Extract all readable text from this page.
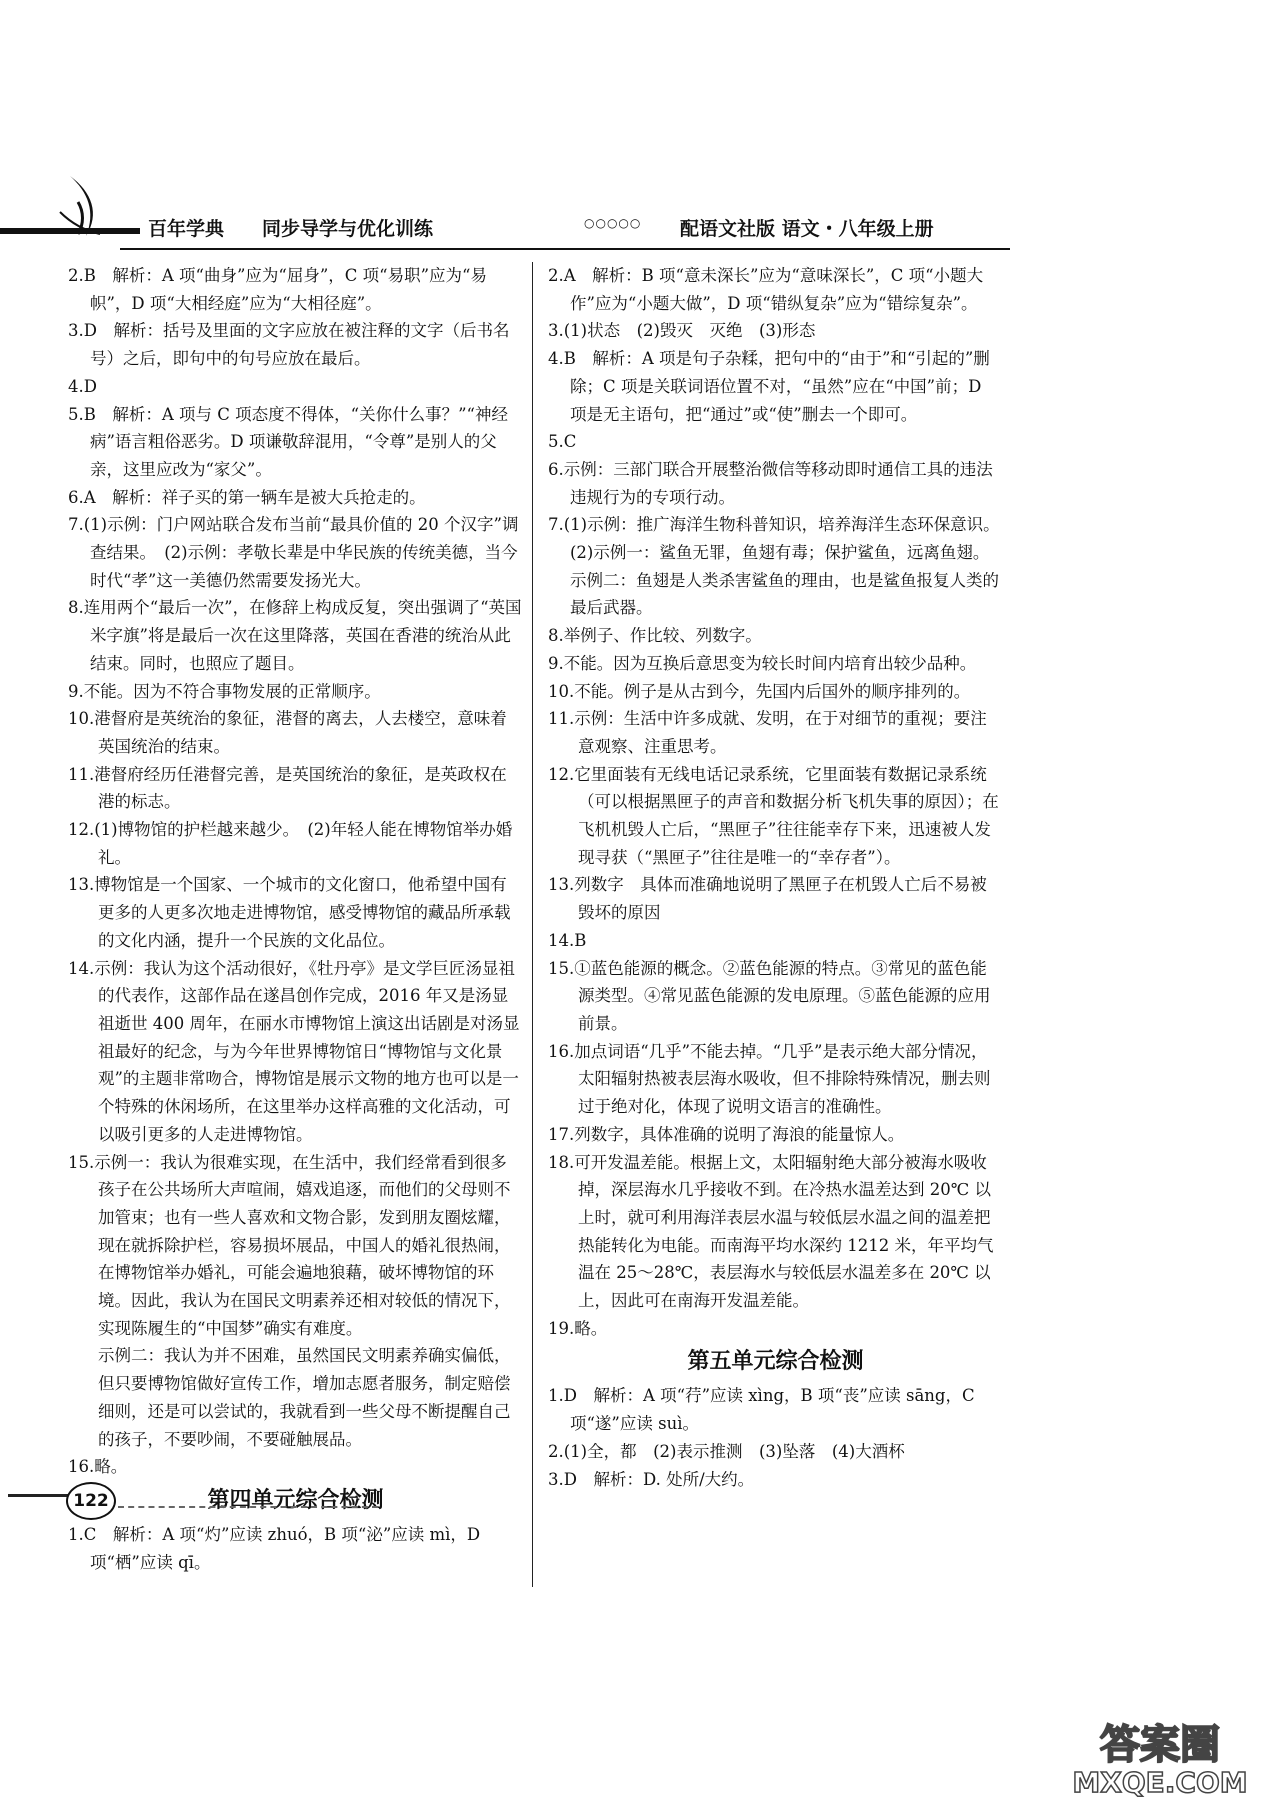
百年学典 同步导学与优化训练	○○○○○ 配语文社版 语文・八年级上册

2.B　解析：A 项“曲身”应为“屈身”，C 项“易职”应为“易帜”，D 项“大相经庭”应为“大相径庭”。

3.D　解析：括号及里面的文字应放在被注释的文字（后书名号）之后，即句中的句号应放在最后。

4.D

5.B　解析：A 项与 C 项态度不得体，“关你什么事？”“神经病”语言粗俗恶劣。D 项谦敬辞混用，“令尊”是别人的父亲，这里应改为“家父”。

6.A　解析：祥子买的第一辆车是被大兵抢走的。

7.(1)示例：门户网站联合发布当前“最具价值的 20 个汉字”调查结果。　(2)示例：孝敬长辈是中华民族的传统美德，当今时代“孝”这一美德仍然需要发扬光大。

8.连用两个“最后一次”，在修辞上构成反复，突出强调了“英国米字旗”将是最后一次在这里降落，英国在香港的统治从此结束。同时，也照应了题目。

9.不能。因为不符合事物发展的正常顺序。

10.港督府是英统治的象征，港督的离去，人去楼空，意味着英国统治的结束。

11.港督府经历任港督完善，是英国统治的象征，是英政权在港的标志。

12.(1)博物馆的护栏越来越少。　(2)年轻人能在博物馆举办婚礼。

13.博物馆是一个国家、一个城市的文化窗口，他希望中国有更多的人更多次地走进博物馆，感受博物馆的藏品所承载的文化内涵，提升一个民族的文化品位。

14.示例：我认为这个活动很好，《牡丹亭》是文学巨匠汤显祖的代表作，这部作品在遂昌创作完成，2016 年又是汤显祖逝世 400 周年，在丽水市博物馆上演这出话剧是对汤显祖最好的纪念，与为今年世界博物馆日“博物馆与文化景观”的主题非常吻合，博物馆是展示文物的地方也可以是一个特殊的休闲场所，在这里举办这样高雅的文化活动，可以吸引更多的人走进博物馆。

15.示例一：我认为很难实现，在生活中，我们经常看到很多孩子在公共场所大声喧闹，嬉戏追逐，而他们的父母则不加管束；也有一些人喜欢和文物合影，发到朋友圈炫耀，现在就拆除护栏，容易损坏展品，中国人的婚礼很热闹，在博物馆举办婚礼，可能会遍地狼藉，破坏博物馆的环境。因此，我认为在国民文明素养还相对较低的情况下，实现陈履生的“中国梦”确实有难度。

示例二：我认为并不困难，虽然国民文明素养确实偏低，但只要博物馆做好宣传工作，增加志愿者服务，制定赔偿细则，还是可以尝试的，我就看到一些父母不断提醒自己的孩子，不要吵闹，不要碰触展品。

16.略。

第四单元综合检测

1.C　解析：A 项“灼”应读 zhuó，B 项“泌”应读 mì，D 项“栖”应读 qī。

2.A　解析：B 项“意未深长”应为“意味深长”，C 项“小题大作”应为“小题大做”，D 项“错纵复杂”应为“错综复杂”。

3.(1)状态　(2)毁灭　灭绝　(3)形态

4.B　解析：A 项是句子杂糅，把句中的“由于”和“引起的”删除；C 项是关联词语位置不对，“虽然”应在“中国”前；D 项是无主语句，把“通过”或“使”删去一个即可。

5.C

6.示例：三部门联合开展整治微信等移动即时通信工具的违法违规行为的专项行动。

7.(1)示例：推广海洋生物科普知识，培养海洋生态环保意识。　(2)示例一：鲨鱼无罪，鱼翅有毒；保护鲨鱼，远离鱼翅。示例二：鱼翅是人类杀害鲨鱼的理由，也是鲨鱼报复人类的最后武器。

8.举例子、作比较、列数字。

9.不能。因为互换后意思变为较长时间内培育出较少品种。

10.不能。例子是从古到今，先国内后国外的顺序排列的。

11.示例：生活中许多成就、发明，在于对细节的重视；要注意观察、注重思考。

12.它里面装有无线电话记录系统，它里面装有数据记录系统（可以根据黑匣子的声音和数据分析飞机失事的原因）；在飞机机毁人亡后，“黑匣子”往往能幸存下来，迅速被人发现寻获（“黑匣子”往往是唯一的“幸存者”）。

13.列数字　具体而准确地说明了黑匣子在机毁人亡后不易被毁坏的原因

14.B

15.①蓝色能源的概念。②蓝色能源的特点。③常见的蓝色能源类型。④常见蓝色能源的发电原理。⑤蓝色能源的应用前景。

16.加点词语“几乎”不能去掉。“几乎”是表示绝大部分情况，太阳辐射热被表层海水吸收，但不排除特殊情况，删去则过于绝对化，体现了说明文语言的准确性。

17.列数字，具体准确的说明了海浪的能量惊人。

18.可开发温差能。根据上文，太阳辐射绝大部分被海水吸收掉，深层海水几乎接收不到。在冷热水温差达到 20℃ 以上时，就可利用海洋表层水温与较低层水温之间的温差把热能转化为电能。而南海平均水深约 1212 米，年平均气温在 25～28℃，表层海水与较低层水温差多在 20℃ 以上，因此可在南海开发温差能。

19.略。

第五单元综合检测

1.D　解析：A 项“荇”应读 xìng，B 项“丧”应读 sāng，C 项“遂”应读 suì。

2.(1)全，都　(2)表示推测　(3)坠落　(4)大酒杯

3.D　解析：D. 处所/大约。

122
答案圈
MXQE.COM
